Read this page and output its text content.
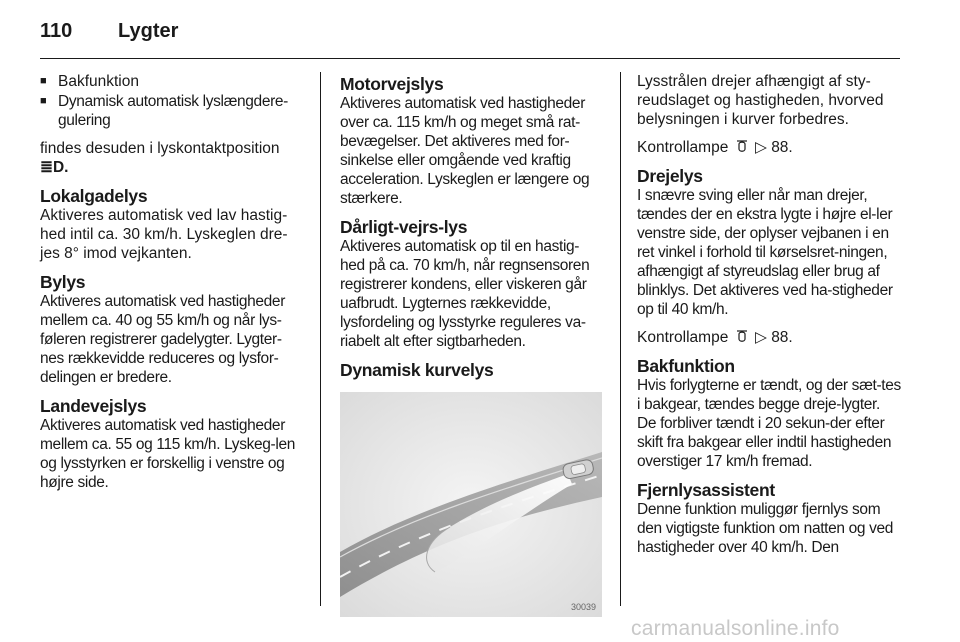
110	Lygter
■ Bakfunktion
■ Dynamisk automatisk lyslængdere-gulering

findes desuden i lyskontaktposition
≣D.

Lokalgadelys
Aktiveres automatisk ved lav hastig-hed intil ca. 30 km/h. Lyskeglen dre-jes 8° imod vejkanten.
Bylys
Aktiveres automatisk ved hastigheder mellem ca. 40 og 55 km/h og når lys-føleren registrerer gadelygter. Lygter-nes rækkevidde reduceres og lysfor-delingen er bredere.
Landevejslys
Aktiveres automatisk ved hastigheder mellem ca. 55 og 115 km/h. Lyskeg-len og lysstyrken er forskellig i venstre og højre side.
Motorvejslys
Aktiveres automatisk ved hastigheder over ca. 115 km/h og meget små rat-bevægelser. Det aktiveres med for-sinkelse eller omgående ved kraftig acceleration. Lyskeglen er længere og stærkere.
Dårligt-vejrs-lys
Aktiveres automatisk op til en hastig-hed på ca. 70 km/h, når regnsensoren registrerer kondens, eller viskeren går uafbrudt. Lygternes rækkevidde, lysfordeling og lysstyrke reguleres va-riabelt alt efter sigtbarheden.
Dynamisk kurvelys
30039

Lysstrålen drejer afhængigt af sty-reudslaget og hastigheden, hvorved belysningen i kurver forbedres.

Kontrollampe ▷ 88.

Drejelys
I snævre sving eller når man drejer, tændes der en ekstra lygte i højre el-ler venstre side, der oplyser vejbanen i en ret vinkel i forhold til kørselsret-ningen, afhængigt af styreudslag eller brug af blinklys. Det aktiveres ved ha-stigheder op til 40 km/h.

Kontrollampe ▷ 88.

Bakfunktion
Hvis forlygterne er tændt, og der sæt-tes i bakgear, tændes begge dreje-lygter. De forbliver tændt i 20 sekun-der efter skift fra bakgear eller indtil hastigheden overstiger 17 km/h fremad.
Fjernlysassistent
Denne funktion muliggør fjernlys som den vigtigste funktion om natten og ved hastigheder over 40 km/h. Den
carmanualsonline.info
